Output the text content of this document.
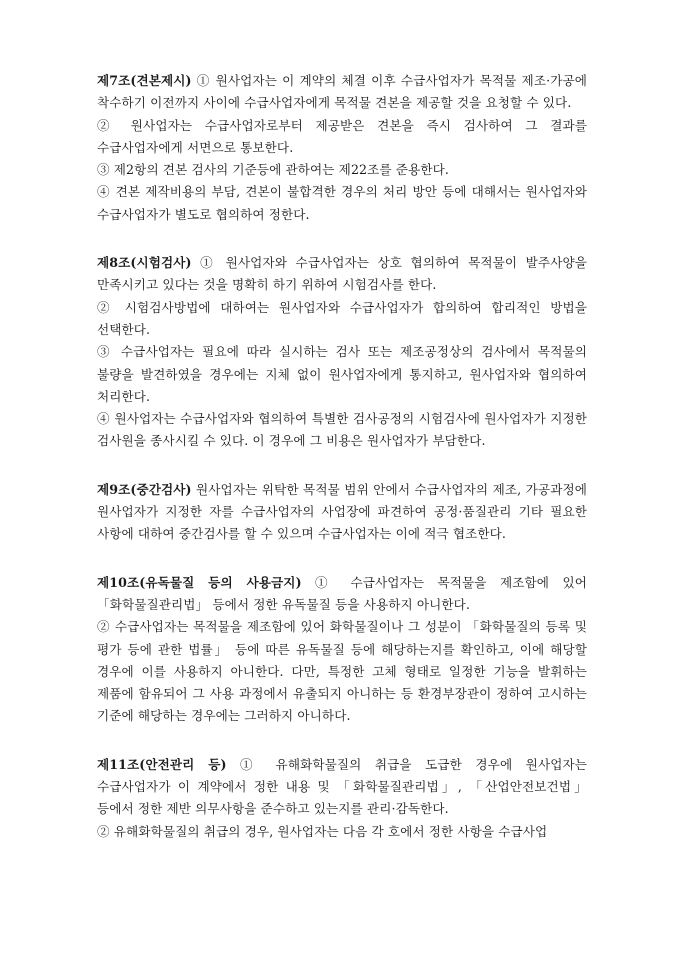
제7조(견본제시) ① 원사업자는 이 계약의 체결 이후 수급사업자가 목적물 제조·가공에 착수하기 이전까지 사이에 수급사업자에게 목적물 견본을 제공할 것을 요청할 수 있다.

② 원사업자는 수급사업자로부터 제공받은 견본을 즉시 검사하여 그 결과를 수급사업자에게 서면으로 통보한다.

③ 제2항의 견본 검사의 기준등에 관하여는 제22조를 준용한다.

④ 견본 제작비용의 부담, 견본이 불합격한 경우의 처리 방안 등에 대해서는 원사업자와 수급사업자가 별도로 협의하여 정한다.

제8조(시험검사) ① 원사업자와 수급사업자는 상호 협의하여 목적물이 발주사양을 만족시키고 있다는 것을 명확히 하기 위하여 시험검사를 한다.

② 시험검사방법에 대하여는 원사업자와 수급사업자가 합의하여 합리적인 방법을 선택한다.

③ 수급사업자는 필요에 따라 실시하는 검사 또는 제조공정상의 검사에서 목적물의 불량을 발견하였을 경우에는 지체 없이 원사업자에게 통지하고, 원사업자와 협의하여 처리한다.

④ 원사업자는 수급사업자와 협의하여 특별한 검사공정의 시험검사에 원사업자가 지정한 검사원을 종사시킬 수 있다. 이 경우에 그 비용은 원사업자가 부담한다.

제9조(중간검사) 원사업자는 위탁한 목적물 범위 안에서 수급사업자의 제조, 가공과정에 원사업자가 지정한 자를 수급사업자의 사업장에 파견하여 공정·품질관리 기타 필요한 사항에 대하여 중간검사를 할 수 있으며 수급사업자는 이에 적극 협조한다.

제10조(유독물질 등의 사용금지) ① 수급사업자는 목적물을 제조함에 있어 「화학물질관리법」 등에서 정한 유독물질 등을 사용하지 아니한다.

② 수급사업자는 목적물을 제조함에 있어 화학물질이나 그 성분이 「화학물질의 등록 및 평가 등에 관한 법률」 등에 따른 유독물질 등에 해당하는지를 확인하고, 이에 해당할 경우에 이를 사용하지 아니한다. 다만, 특정한 고체 형태로 일정한 기능을 발휘하는 제품에 함유되어 그 사용 과정에서 유출되지 아니하는 등 환경부장관이 정하여 고시하는 기준에 해당하는 경우에는 그러하지 아니하다.

제11조(안전관리 등) ① 유해화학물질의 취급을 도급한 경우에 원사업자는 수급사업자가 이 계약에서 정한 내용 및 「화학물질관리법」, 「산업안전보건법」 등에서 정한 제반 의무사항을 준수하고 있는지를 관리·감독한다.

② 유해화학물질의 취급의 경우, 원사업자는 다음 각 호에서 정한 사항을 수급사업
